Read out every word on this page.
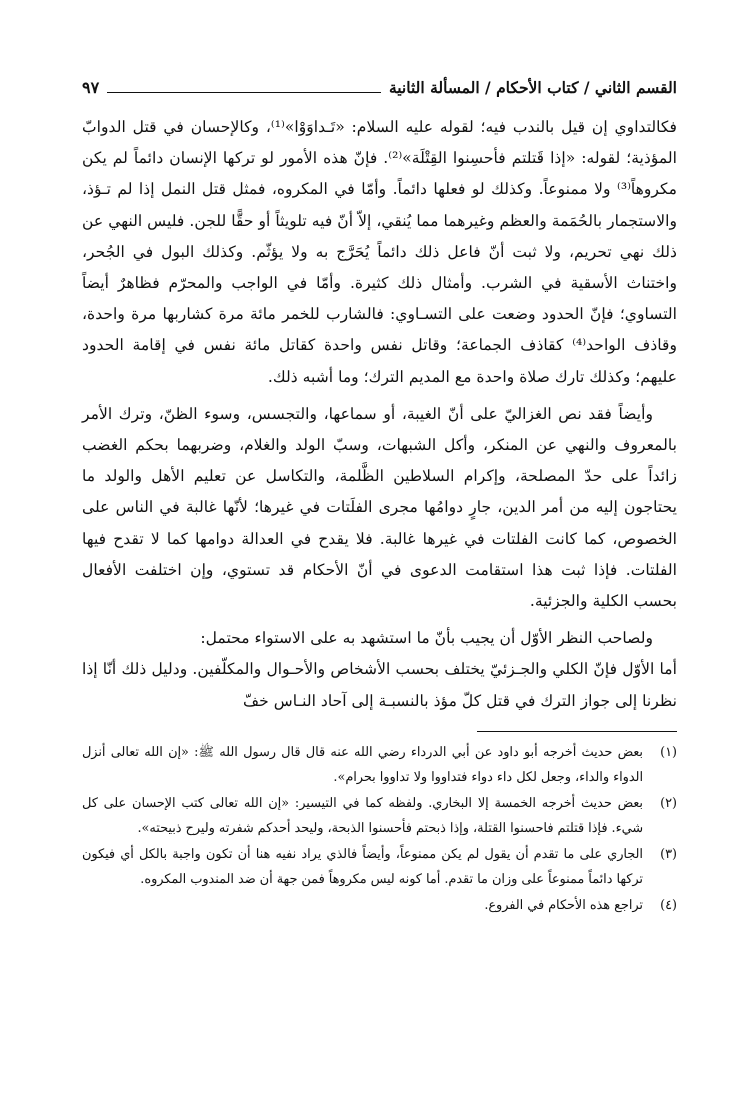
القسم الثاني / كتاب الأحكام / المسألة الثانية
٩٧

فكالتداوي إن قيل بالندب فيه؛ لقوله عليه السلام: «تَـداوَوْا»⁽¹⁾، وكالإحسان في قتل الدوابّ المؤذية؛ لقوله: «إذا قَتلتم فأحسِنوا القِتْلَة»⁽²⁾. فإنّ هذه الأمور لو تركها الإنسان دائماً لم يكن مكروهاً⁽³⁾ ولا ممنوعاً. وكذلك لو فعلها دائماً. وأمّا في المكروه، فمثل قتل النمل إذا لم تـؤذ، والاستجمار بالحُمَمة والعظم وغيرهما مما يُنقي، إلاّ أنّ فيه تلويثاً أو حقًّا للجن. فليس النهي عن ذلك نهي تحريم، ولا ثبت أنّ فاعل ذلك دائماً يُحَرَّج به ولا يؤثّم. وكذلك البول في الجُحر، واختناث الأسقية في الشرب. وأمثال ذلك كثيرة. وأمّا في الواجب والمحرّم فظاهرٌ أيضاً التساوي؛ فإنّ الحدود وضعت على التسـاوي: فالشارب للخمر مائة مرة كشاربها مرة واحدة، وقاذف الواحد⁽⁴⁾ كقاذف الجماعة؛ وقاتل نفس واحدة كقاتل مائة نفس في إقامة الحدود عليهم؛ وكذلك تارك صلاة واحدة مع المديم الترك؛ وما أشبه ذلك.

وأيضاً فقد نص الغزاليّ على أنّ الغيبة، أو سماعها، والتجسس، وسوء الظنّ، وترك الأمر بالمعروف والنهي عن المنكر، وأكل الشبهات، وسبّ الولد والغلام، وضربهما بحكم الغضب زائداً على حدّ المصلحة، وإكرام السلاطين الظَّلمة، والتكاسل عن تعليم الأهل والولد ما يحتاجون إليه من أمر الدين، جارٍ دوامُها مجرى الفلَتات في غيرها؛ لأنّها غالبة في الناس على الخصوص، كما كانت الفلتات في غيرها غالبة. فلا يقدح في العدالة دوامها كما لا تقدح فيها الفلتات. فإذا ثبت هذا استقامت الدعوى في أنّ الأحكام قد تستوي، وإن اختلفت الأفعال بحسب الكلية والجزئية.

ولصاحب النظر الأوّل أن يجيب بأنّ ما استشهد به على الاستواء محتمل:

أما الأوّل فإنّ الكلي والجـزئيّ يختلف بحسب الأشخاص والأحـوال والمكلّفين. ودليل ذلك أنّا إذا نظرنا إلى جواز الترك في قتل كلّ مؤذ بالنسبـة إلى آحاد النـاس خفّ

(١)
بعض حديث أخرجه أبو داود عن أبي الدرداء رضي الله عنه قال قال رسول الله ﷺ: «إن الله تعالى أنزل الدواء والداء، وجعل لكل داء دواء فتداووا ولا تداووا بحرام».
(٢)
بعض حديث أخرجه الخمسة إلا البخاري. ولفظه كما في التيسير: «إن الله تعالى كتب الإحسان على كل شيء. فإذا قتلتم فاحسنوا القتلة، وإذا ذبحتم فأحسنوا الذبحة، وليحد أحدكم شفرته وليرح ذبيحته».
(٣)
الجاري على ما تقدم أن يقول لم يكن ممنوعاً، وأيضاً فالذي يراد نفيه هنا أن تكون واجبة بالكل أي فيكون تركها دائماً ممنوعاً على وزان ما تقدم. أما كونه ليس مكروهاً فمن جهة أن ضد المندوب المكروه.
(٤)
تراجع هذه الأحكام في الفروع.
